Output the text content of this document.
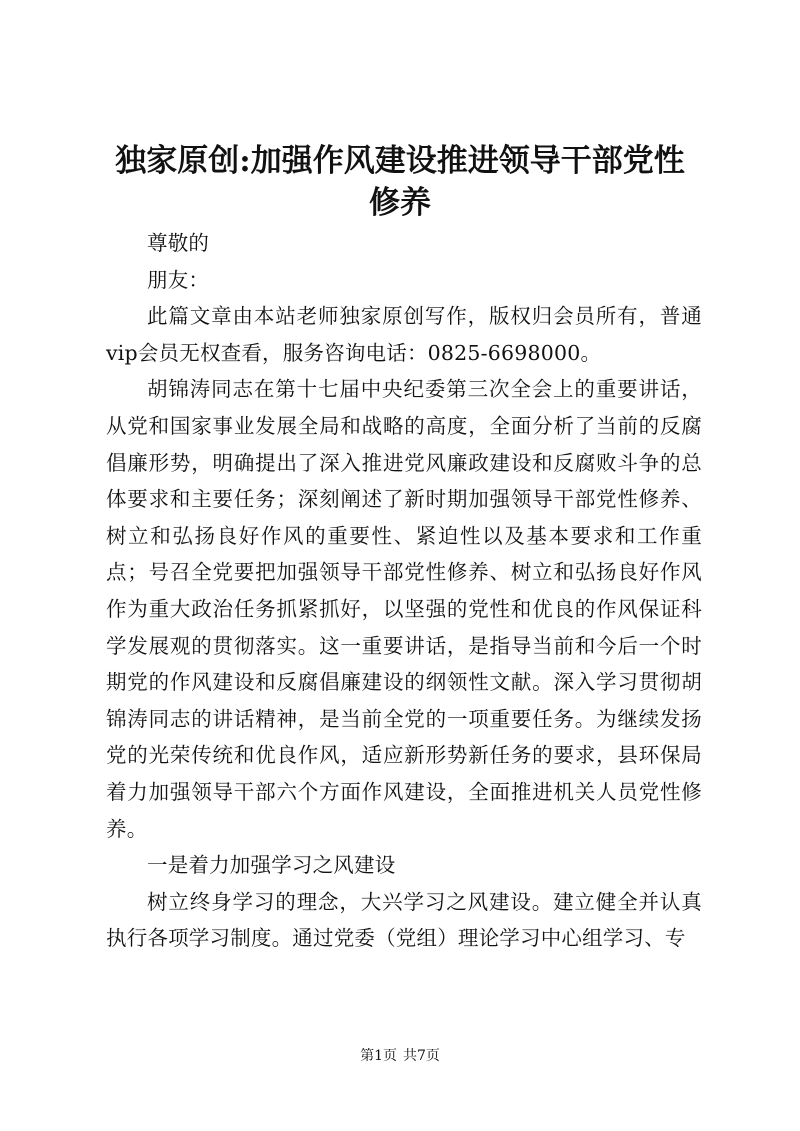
独家原创:加强作风建设推进领导干部党性修养

尊敬的

朋友：

此篇文章由本站老师独家原创写作，版权归会员所有，普通vip会员无权查看，服务咨询电话：0825-6698000。

胡锦涛同志在第十七届中央纪委第三次全会上的重要讲话，从党和国家事业发展全局和战略的高度，全面分析了当前的反腐倡廉形势，明确提出了深入推进党风廉政建设和反腐败斗争的总体要求和主要任务；深刻阐述了新时期加强领导干部党性修养、树立和弘扬良好作风的重要性、紧迫性以及基本要求和工作重点；号召全党要把加强领导干部党性修养、树立和弘扬良好作风作为重大政治任务抓紧抓好，以坚强的党性和优良的作风保证科学发展观的贯彻落实。这一重要讲话，是指导当前和今后一个时期党的作风建设和反腐倡廉建设的纲领性文献。深入学习贯彻胡锦涛同志的讲话精神，是当前全党的一项重要任务。为继续发扬党的光荣传统和优良作风，适应新形势新任务的要求，县环保局着力加强领导干部六个方面作风建设，全面推进机关人员党性修养。

一是着力加强学习之风建设

树立终身学习的理念，大兴学习之风建设。建立健全并认真执行各项学习制度。通过党委（党组）理论学习中心组学习、专

第1页 共7页
